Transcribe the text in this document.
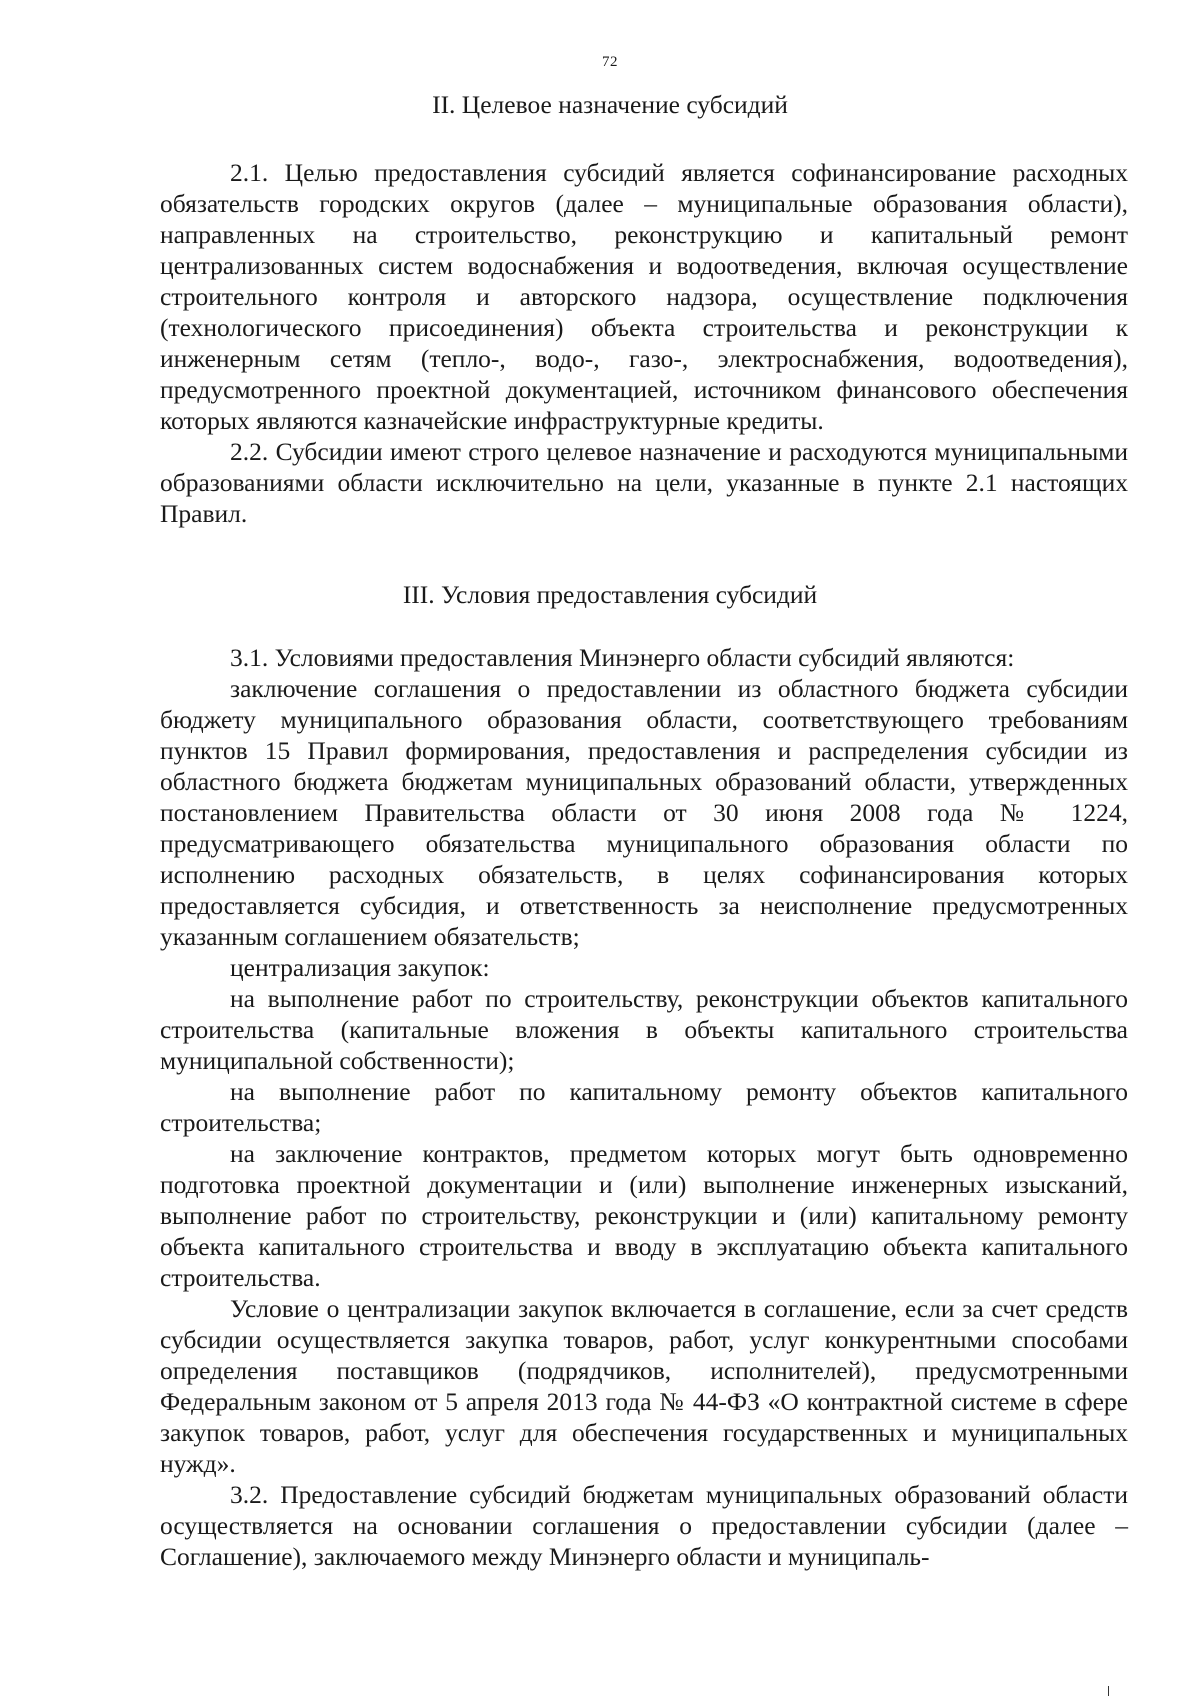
72
II. Целевое назначение субсидий

2.1. Целью предоставления субсидий является софинансирование расходных обязательств городских округов (далее – муниципальные образования области), направленных на строительство, реконструкцию и капитальный ремонт централизованных систем водоснабжения и водоотведения, включая осуществление строительного контроля и авторского надзора, осуществление подключения (технологического присоединения) объекта строительства и реконструкции к инженерным сетям (тепло-, водо-, газо-, электроснабжения, водоотведения), предусмотренного проектной документацией, источником финансового обеспечения которых являются казначейские инфраструктурные кредиты.

2.2. Субсидии имеют строго целевое назначение и расходуются муниципальными образованиями области исключительно на цели, указанные в пункте 2.1 настоящих Правил.

III. Условия предоставления субсидий

3.1. Условиями предоставления Минэнерго области субсидий являются:

заключение соглашения о предоставлении из областного бюджета субсидии бюджету муниципального образования области, соответствующего требованиям пунктов 15 Правил формирования, предоставления и распределения субсидии из областного бюджета бюджетам муниципальных образований области, утвержденных постановлением Правительства области от 30 июня 2008 года № 1224, предусматривающего обязательства муниципального образования области по исполнению расходных обязательств, в целях софинансирования которых предоставляется субсидия, и ответственность за неисполнение предусмотренных указанным соглашением обязательств;

централизация закупок:

на выполнение работ по строительству, реконструкции объектов капитального строительства (капитальные вложения в объекты капитального строительства муниципальной собственности);

на выполнение работ по капитальному ремонту объектов капитального строительства;

на заключение контрактов, предметом которых могут быть одновременно подготовка проектной документации и (или) выполнение инженерных изысканий, выполнение работ по строительству, реконструкции и (или) капитальному ремонту объекта капитального строительства и вводу в эксплуатацию объекта капитального строительства.

Условие о централизации закупок включается в соглашение, если за счет средств субсидии осуществляется закупка товаров, работ, услуг конкурентными способами определения поставщиков (подрядчиков, исполнителей), предусмотренными Федеральным законом от 5 апреля 2013 года № 44-ФЗ «О контрактной системе в сфере закупок товаров, работ, услуг для обеспечения государственных и муниципальных нужд».

3.2. Предоставление субсидий бюджетам муниципальных образований области осуществляется на основании соглашения о предоставлении субсидии (далее – Соглашение), заключаемого между Минэнерго области и муниципаль-
